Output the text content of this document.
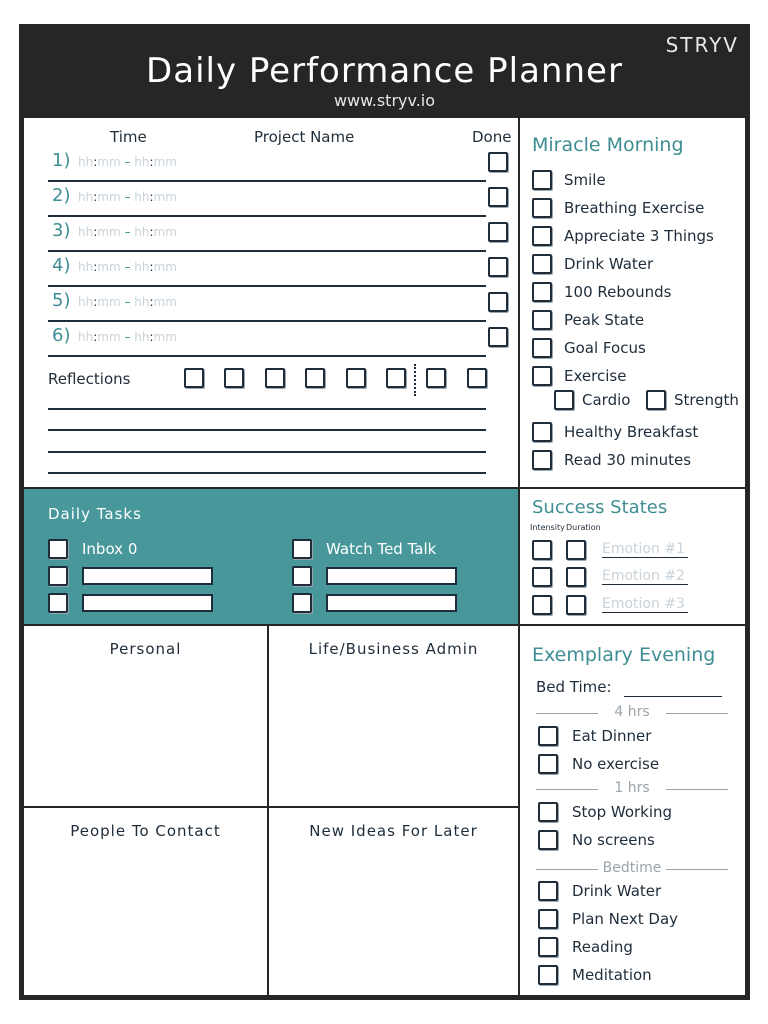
Daily Performance Planner
www.stryv.io
STRYV
Time	Project Name	Done
1) hh:mm – hh:mm
2) hh:mm – hh:mm
3) hh:mm – hh:mm
4) hh:mm – hh:mm
5) hh:mm – hh:mm
6) hh:mm – hh:mm
Reflections
Miracle Morning
Smile
Breathing Exercise
Appreciate 3 Things
Drink Water
100 Rebounds
Peak State
Goal Focus
Exercise
Cardio	Strength
Healthy Breakfast
Read 30 minutes
Daily Tasks
Inbox 0	Watch Ted Talk
Success States
Intensity Duration
Emotion #1
Emotion #2
Emotion #3
Personal	Life/Business Admin
People To Contact	New Ideas For Later
Exemplary Evening
Bed Time:
4 hrs
Eat Dinner
No exercise
1 hrs
Stop Working
No screens
Bedtime
Drink Water
Plan Next Day
Reading
Meditation
